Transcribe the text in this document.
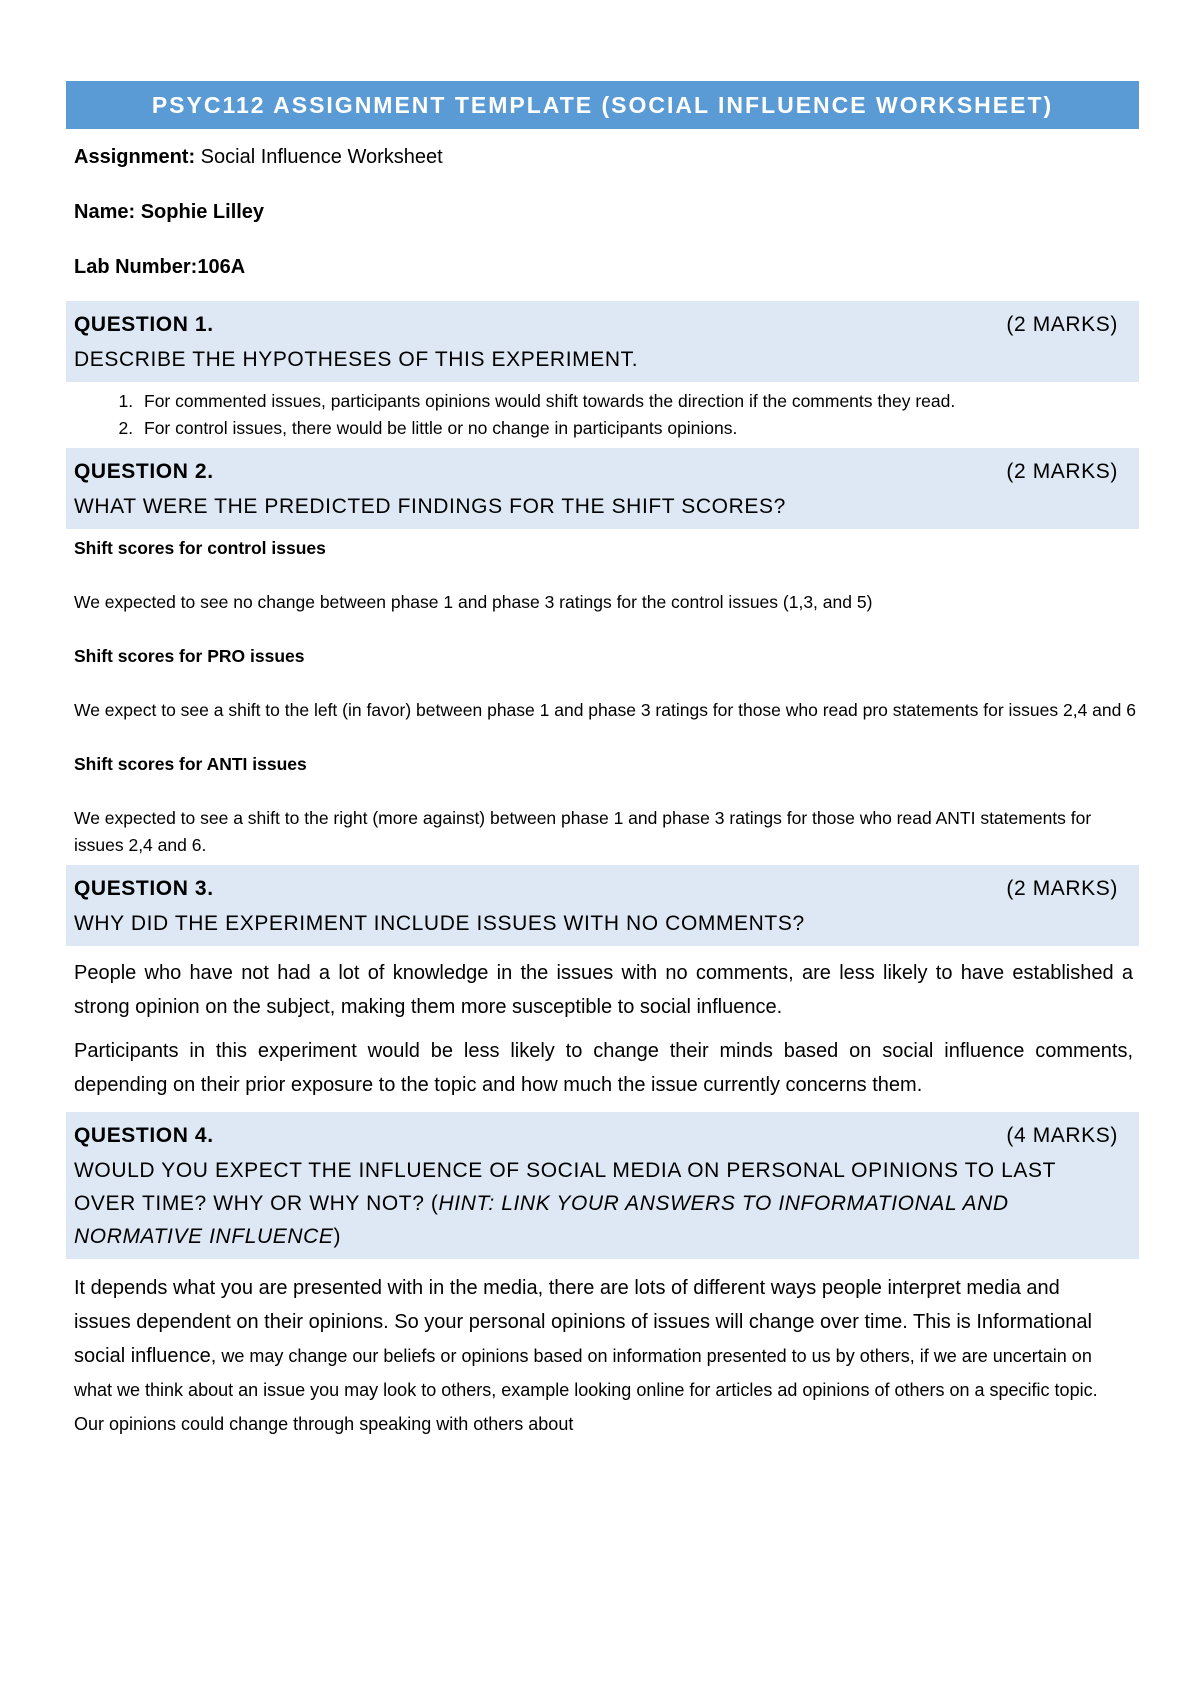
PSYC112 ASSIGNMENT TEMPLATE (SOCIAL INFLUENCE WORKSHEET)

Assignment: Social Influence Worksheet

Name: Sophie Lilley

Lab Number:106A

QUESTION 1.	(2 MARKS)
DESCRIBE THE HYPOTHESES OF THIS EXPERIMENT.
1. For commented issues, participants opinions would shift towards the direction if the comments they read.
2. For control issues, there would be little or no change in participants opinions.
QUESTION 2.	(2 MARKS)
WHAT WERE THE PREDICTED FINDINGS FOR THE SHIFT SCORES?

Shift scores for control issues

We expected to see no change between phase 1 and phase 3 ratings for the control issues (1,3, and 5)

Shift scores for PRO issues

We expect to see a shift to the left (in favor) between phase 1 and phase 3 ratings for those who read pro statements for issues 2,4 and 6

Shift scores for ANTI issues

We expected to see a shift to the right (more against) between phase 1 and phase 3 ratings for those who read ANTI statements for issues 2,4 and 6.

QUESTION 3.	(2 MARKS)
WHY DID THE EXPERIMENT INCLUDE ISSUES WITH NO COMMENTS?

People who have not had a lot of knowledge in the issues with no comments, are less likely to have established a strong opinion on the subject, making them more susceptible to social influence.

Participants in this experiment would be less likely to change their minds based on social influence comments, depending on their prior exposure to the topic and how much the issue currently concerns them.

QUESTION 4.	(4 MARKS)
WOULD YOU EXPECT THE INFLUENCE OF SOCIAL MEDIA ON PERSONAL OPINIONS TO LAST OVER TIME? WHY OR WHY NOT? (HINT: LINK YOUR ANSWERS TO INFORMATIONAL AND NORMATIVE INFLUENCE)
It depends what you are presented with in the media, there are lots of different ways people interpret media and issues dependent on their opinions. So your personal opinions of issues will change over time. This is Informational social influence, we may change our beliefs or opinions based on information presented to us by others, if we are uncertain on what we think about an issue you may look to others, example looking online for articles ad opinions of others on a specific topic. Our opinions could change through speaking with others about
